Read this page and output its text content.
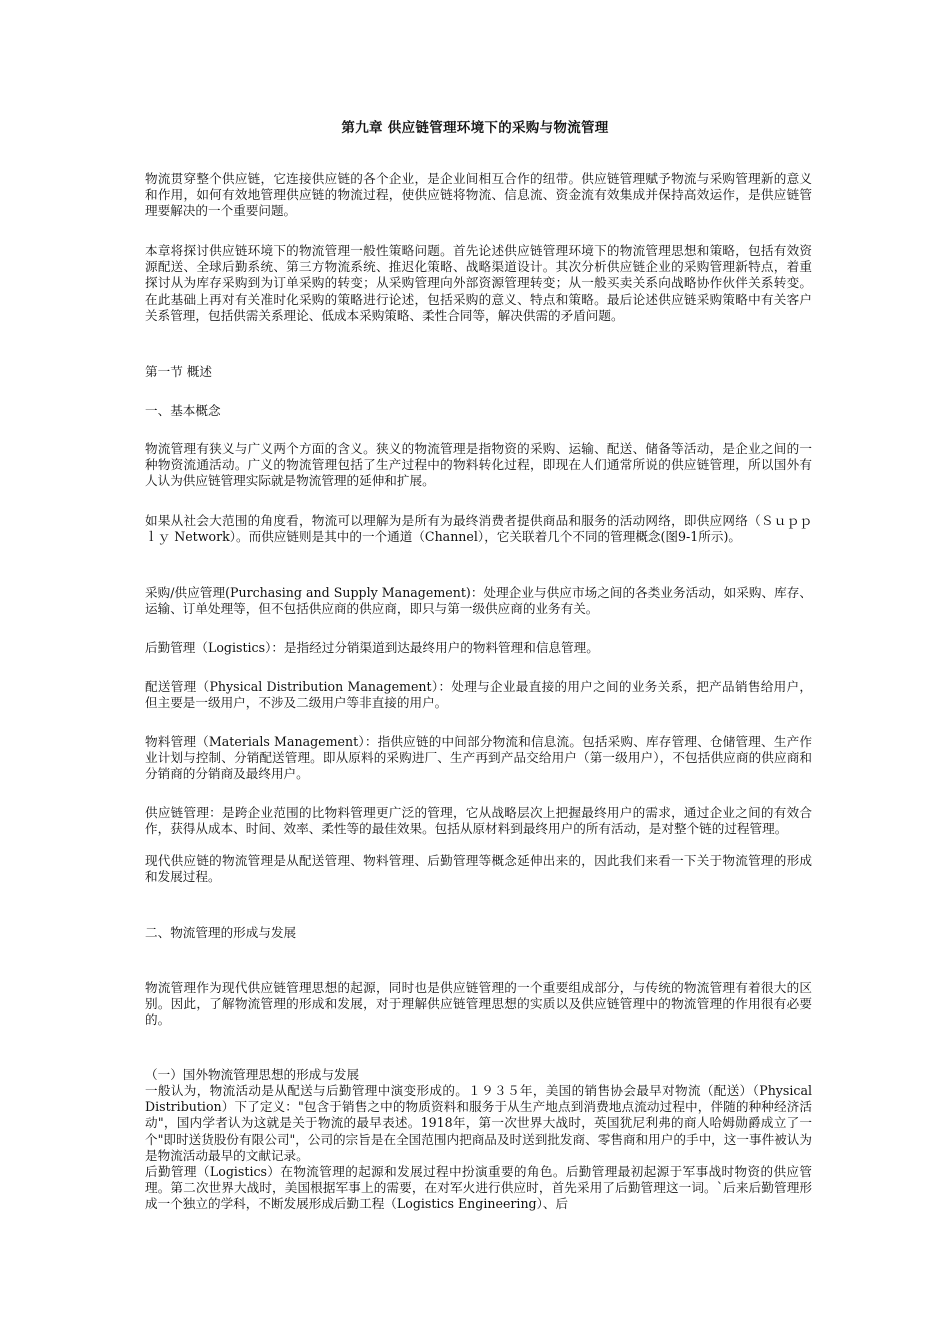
第九章 供应链管理环境下的采购与物流管理
物流贯穿整个供应链，它连接供应链的各个企业，是企业间相互合作的纽带。供应链管理赋予物流与采购管理新的意义和作用，如何有效地管理供应链的物流过程，使供应链将物流、信息流、资金流有效集成并保持高效运作，是供应链管理要解决的一个重要问题。
本章将探讨供应链环境下的物流管理一般性策略问题。首先论述供应链管理环境下的物流管理思想和策略，包括有效资源配送、全球后勤系统、第三方物流系统、推迟化策略、战略渠道设计。其次分析供应链企业的采购管理新特点，着重探讨从为库存采购到为订单采购的转变；从采购管理向外部资源管理转变；从一般买卖关系向战略协作伙伴关系转变。在此基础上再对有关准时化采购的策略进行论述，包括采购的意义、特点和策略。最后论述供应链采购策略中有关客户关系管理，包括供需关系理论、低成本采购策略、柔性合同等，解决供需的矛盾问题。
第一节 概述
一、基本概念
物流管理有狭义与广义两个方面的含义。狭义的物流管理是指物资的采购、运输、配送、储备等活动，是企业之间的一种物资流通活动。广义的物流管理包括了生产过程中的物料转化过程，即现在人们通常所说的供应链管理，所以国外有人认为供应链管理实际就是物流管理的延伸和扩展。
如果从社会大范围的角度看，物流可以理解为是所有为最终消费者提供商品和服务的活动网络，即供应网络（Ｓｕｐｐｌｙ Network）。而供应链则是其中的一个通道（Channel），它关联着几个不同的管理概念(图9-1所示)。
采购/供应管理(Purchasing and Supply Management)：处理企业与供应市场之间的各类业务活动，如采购、库存、运输、订单处理等，但不包括供应商的供应商，即只与第一级供应商的业务有关。
后勤管理（Logistics）：是指经过分销渠道到达最终用户的物料管理和信息管理。
配送管理（Physical Distribution Management）：处理与企业最直接的用户之间的业务关系，把产品销售给用户，但主要是一级用户，不涉及二级用户等非直接的用户。
物料管理（Materials Management）：指供应链的中间部分物流和信息流。包括采购、库存管理、仓储管理、生产作业计划与控制、分销配送管理。即从原料的采购进厂、生产再到产品交给用户（第一级用户），不包括供应商的供应商和分销商的分销商及最终用户。
供应链管理：是跨企业范围的比物料管理更广泛的管理，它从战略层次上把握最终用户的需求，通过企业之间的有效合作，获得从成本、时间、效率、柔性等的最佳效果。包括从原材料到最终用户的所有活动，是对整个链的过程管理。
现代供应链的物流管理是从配送管理、物料管理、后勤管理等概念延伸出来的，因此我们来看一下关于物流管理的形成和发展过程。
二、物流管理的形成与发展
物流管理作为现代供应链管理思想的起源，同时也是供应链管理的一个重要组成部分，与传统的物流管理有着很大的区别。因此，了解物流管理的形成和发展，对于理解供应链管理思想的实质以及供应链管理中的物流管理的作用很有必要的。
（一）国外物流管理思想的形成与发展
一般认为，物流活动是从配送与后勤管理中演变形成的。１９３５年，美国的销售协会最早对物流（配送）（Physical Distribution）下了定义："包含于销售之中的物质资料和服务于从生产地点到消费地点流动过程中，伴随的种种经济活动"，国内学者认为这就是关于物流的最早表述。1918年，第一次世界大战时，英国犹尼利弗的商人哈姆勋爵成立了一个"即时送货股份有限公司"，公司的宗旨是在全国范围内把商品及时送到批发商、零售商和用户的手中，这一事件被认为是物流活动最早的文献记录。
后勤管理（Logistics）在物流管理的起源和发展过程中扮演重要的角色。后勤管理最初起源于军事战时物资的供应管理。第二次世界大战时，美国根据军事上的需要，在对军火进行供应时，首先采用了后勤管理这一词。`后来后勤管理形成一个独立的学科，不断发展形成后勤工程（Logistics Engineering）、后
